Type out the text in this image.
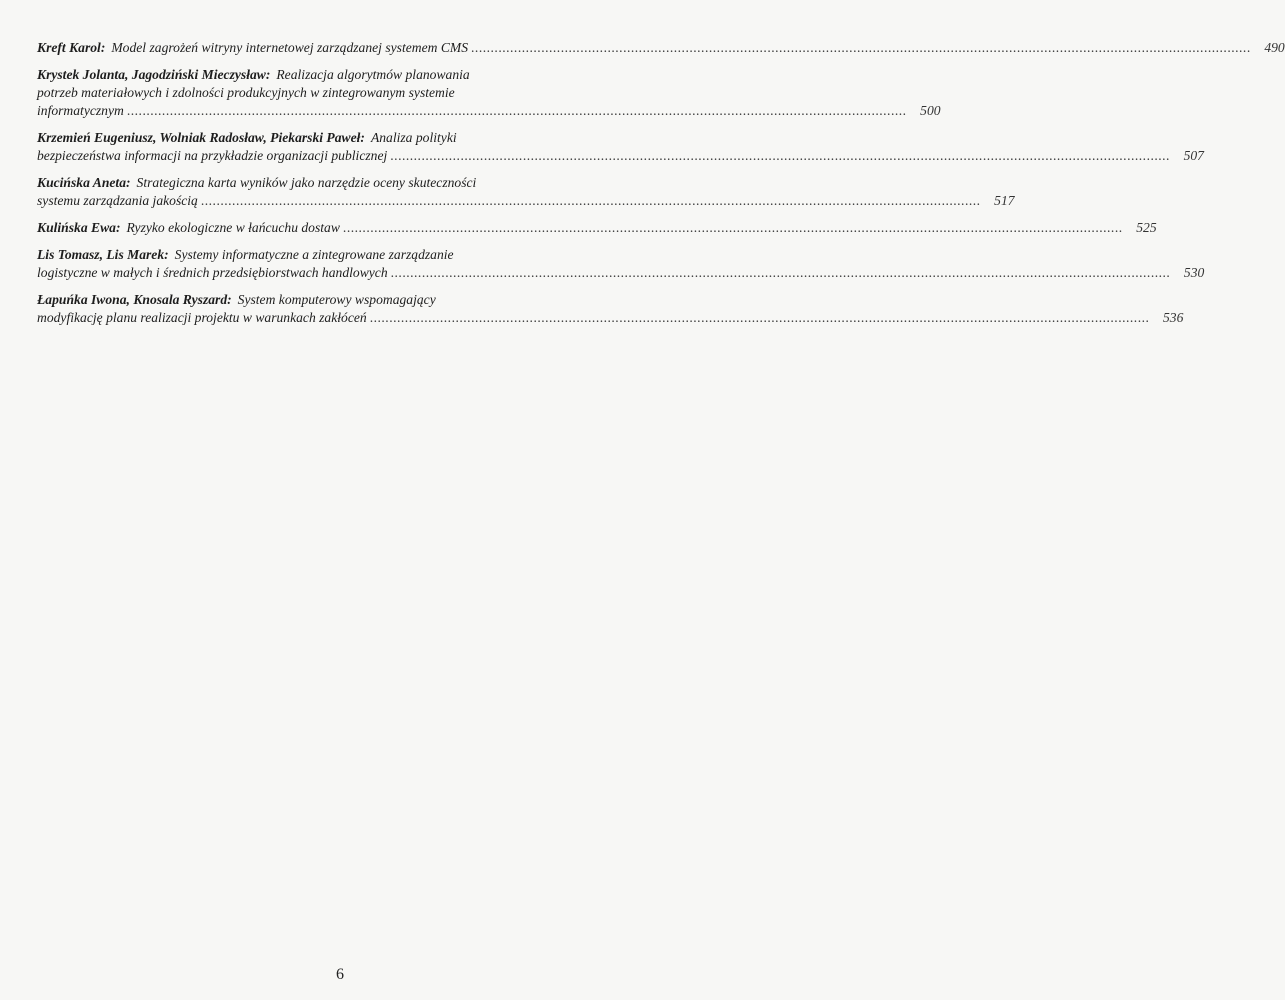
Kreft Karol: Model zagrożeń witryny internetowej zarządzanej systemem CMS ........................................................................................................................................................................................................	490
Krystek Jolanta, Jagodziński Mieczysław: Realizacja algorytmów planowania
potrzeb materiałowych i zdolności produkcyjnych w zintegrowanym systemie
informatycznym ........................................................................................................................................................................................................	500
Krzemień Eugeniusz, Wolniak Radosław, Piekarski Paweł: Analiza polityki
bezpieczeństwa informacji na przykładzie organizacji publicznej ........................................................................................................................................................................................................	507
Kucińska Aneta: Strategiczna karta wyników jako narzędzie oceny skuteczności
systemu zarządzania jakością ........................................................................................................................................................................................................	517
Kulińska Ewa: Ryzyko ekologiczne w łańcuchu dostaw ........................................................................................................................................................................................................	525
Lis Tomasz, Lis Marek: Systemy informatyczne a zintegrowane zarządzanie
logistyczne w małych i średnich przedsiębiorstwach handlowych ........................................................................................................................................................................................................	530
Łapuńka Iwona, Knosala Ryszard: System komputerowy wspomagający
modyfikację planu realizacji projektu w warunkach zakłóceń ........................................................................................................................................................................................................	536
6
